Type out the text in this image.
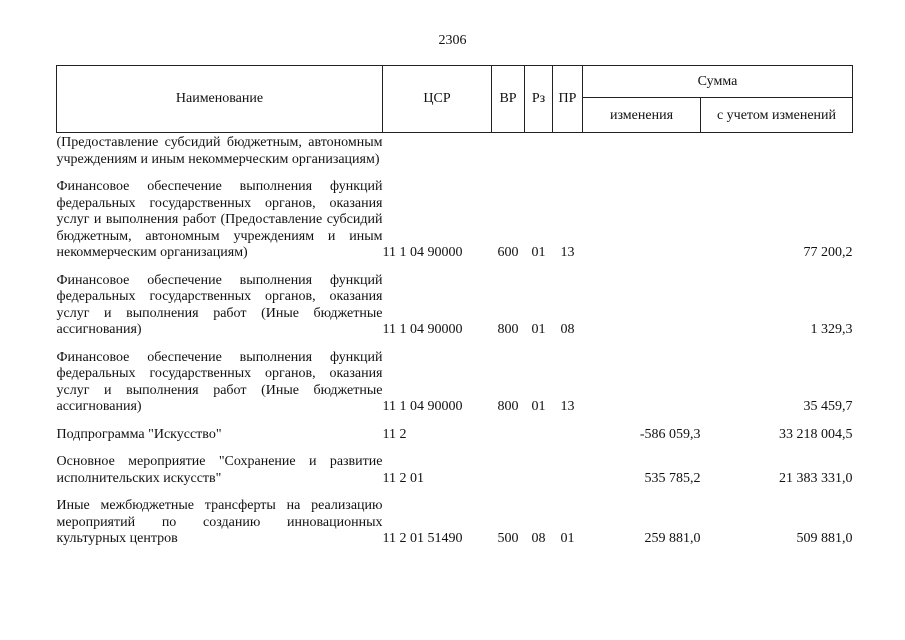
2306
Наименование	ЦСР	ВР	Рз	ПР	Сумма	
					изменения	с учетом изменений
(Предоставление субсидий бюджетным, автономным учреждениям и иным некоммерческим организациям)						
Финансовое обеспечение выполнения функций федеральных государственных органов, оказания услуг и выполнения работ (Предоставление субсидий бюджетным, автономным учреждениям и иным некоммерческим организациям)	11 1 04 90000	600	01	13		77 200,2
Финансовое обеспечение выполнения функций федеральных государственных органов, оказания услуг и выполнения работ (Иные бюджетные ассигнования)	11 1 04 90000	800	01	08		1 329,3
Финансовое обеспечение выполнения функций федеральных государственных органов, оказания услуг и выполнения работ (Иные бюджетные ассигнования)	11 1 04 90000	800	01	13		35 459,7
Подпрограмма "Искусство"	11 2				-586 059,3	33 218 004,5
Основное мероприятие "Сохранение и развитие исполнительских искусств"	11 2 01				535 785,2	21 383 331,0
Иные межбюджетные трансферты на реализацию мероприятий по созданию инновационных культурных центров	11 2 01 51490	500	08	01	259 881,0	509 881,0
